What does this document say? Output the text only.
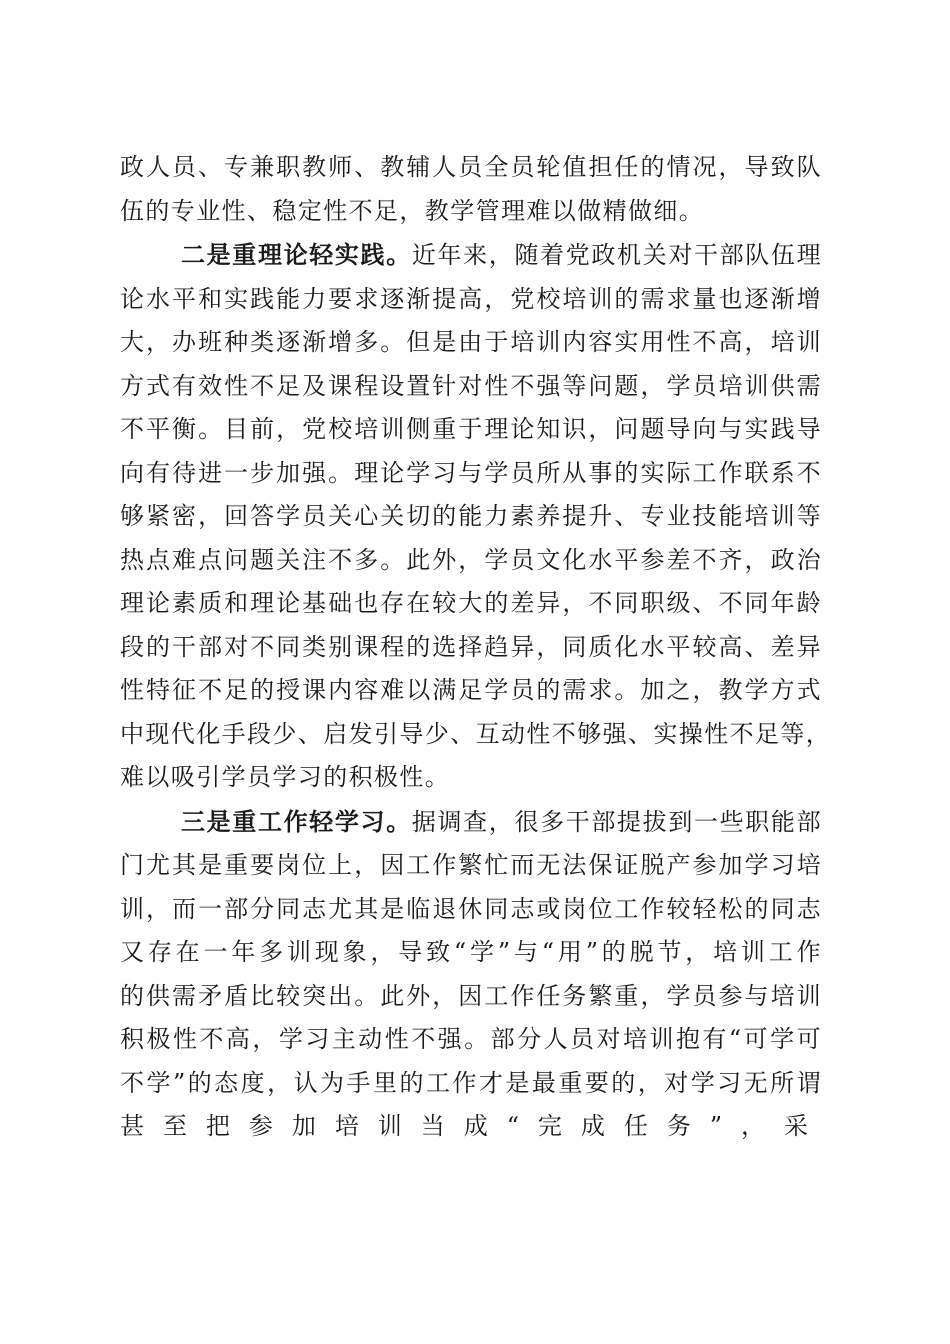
政人员、专兼职教师、教辅人员全员轮值担任的情况，导致队
伍的专业性、稳定性不足，教学管理难以做精做细。

二是重理论轻实践。近年来，随着党政机关对干部队伍理
论水平和实践能力要求逐渐提高，党校培训的需求量也逐渐增
大，办班种类逐渐增多。但是由于培训内容实用性不高，培训
方式有效性不足及课程设置针对性不强等问题，学员培训供需
不平衡。目前，党校培训侧重于理论知识，问题导向与实践导
向有待进一步加强。理论学习与学员所从事的实际工作联系不
够紧密，回答学员关心关切的能力素养提升、专业技能培训等
热点难点问题关注不多。此外，学员文化水平参差不齐，政治
理论素质和理论基础也存在较大的差异，不同职级、不同年龄
段的干部对不同类别课程的选择趋异，同质化水平较高、差异
性特征不足的授课内容难以满足学员的需求。加之，教学方式
中现代化手段少、启发引导少、互动性不够强、实操性不足等，
难以吸引学员学习的积极性。

三是重工作轻学习。据调查，很多干部提拔到一些职能部
门尤其是重要岗位上，因工作繁忙而无法保证脱产参加学习培
训，而一部分同志尤其是临退休同志或岗位工作较轻松的同志
又存在一年多训现象，导致“学”与“用”的脱节，培训工作
的供需矛盾比较突出。此外，因工作任务繁重，学员参与培训
积极性不高，学习主动性不强。部分人员对培训抱有“可学可
不学”的态度，认为手里的工作才是最重要的，对学习无所谓
甚至把参加培训当成“完成任务”，采
